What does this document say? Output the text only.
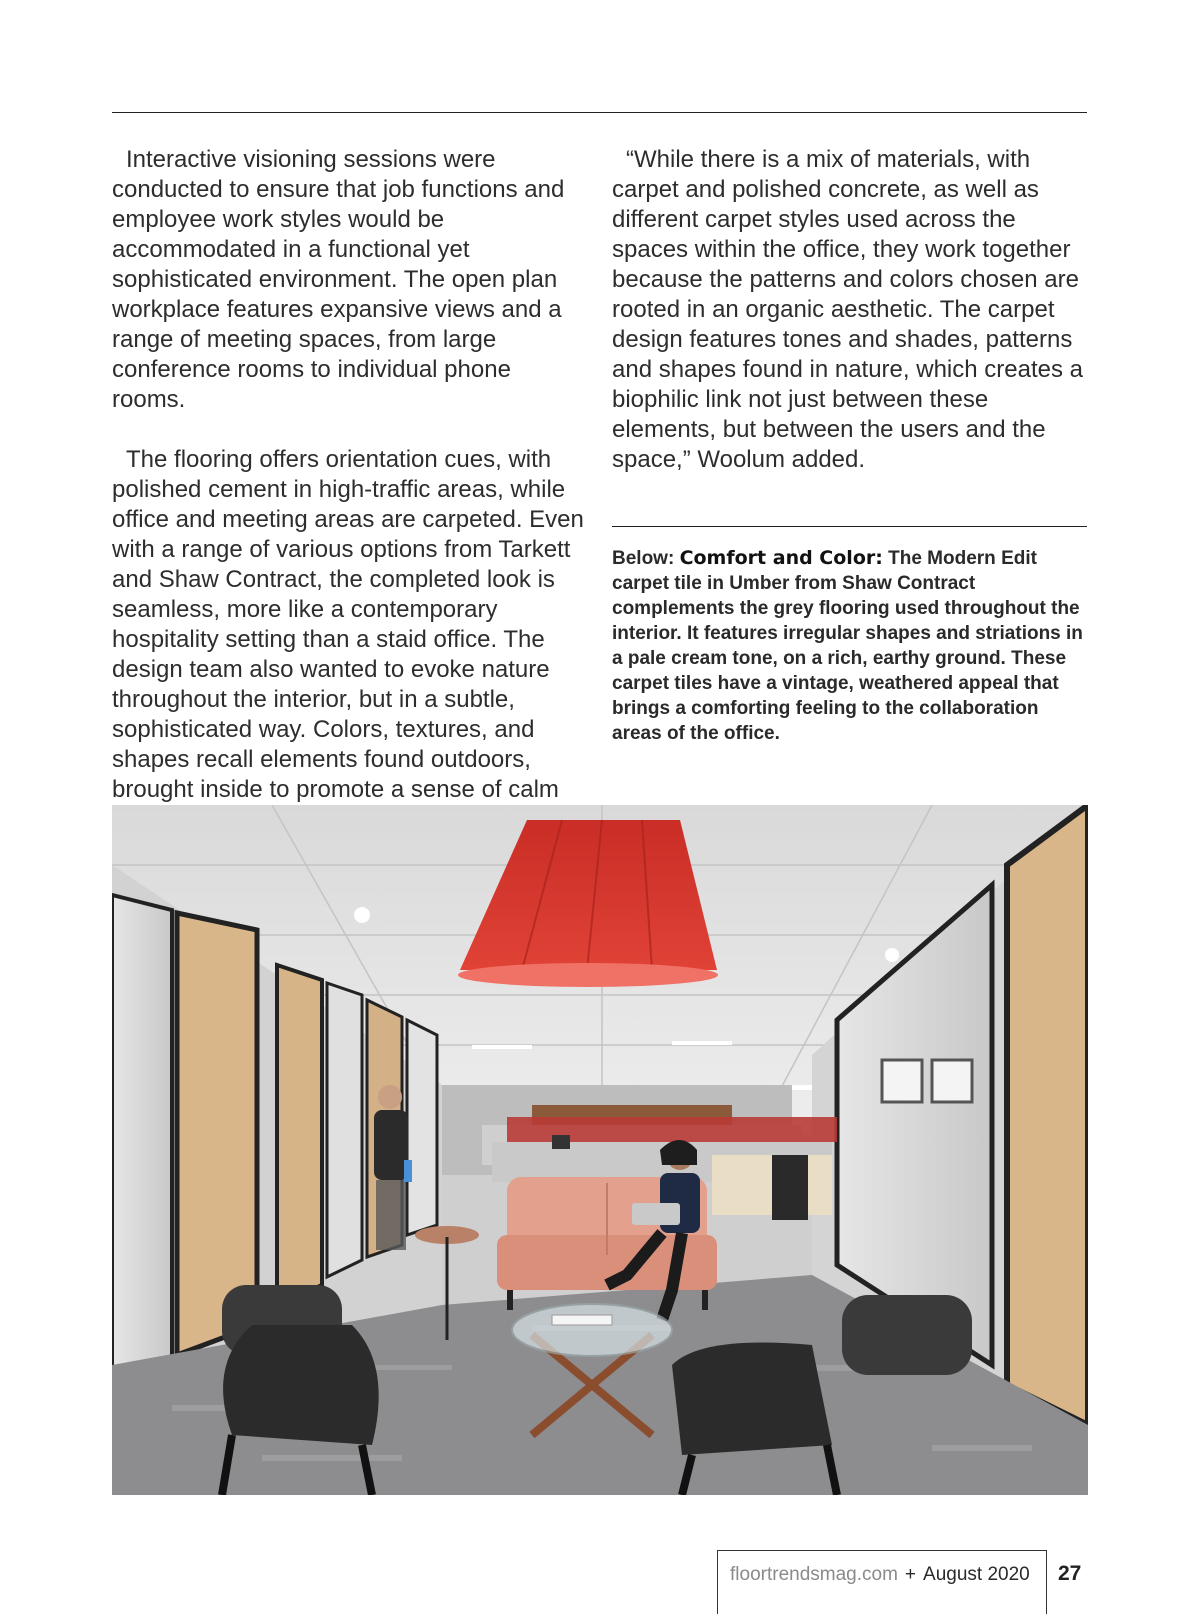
Interactive visioning sessions were conducted to ensure that job functions and employee work styles would be accommodated in a functional yet sophisticated environment. The open plan workplace features expansive views and a range of meeting spaces, from large conference rooms to individual phone rooms.

The flooring offers orientation cues, with polished cement in high-traffic areas, while office and meeting areas are carpeted. Even with a range of various options from Tarkett and Shaw Contract, the completed look is seamless, more like a contemporary hospitality setting than a staid office. The design team also wanted to evoke nature throughout the interior, but in a subtle, sophisticated way. Colors, textures, and shapes recall elements found outdoors, brought inside to promote a sense of calm

“While there is a mix of materials, with carpet and polished concrete, as well as different carpet styles used across the spaces within the office, they work together because the patterns and colors chosen are rooted in an organic aesthetic. The carpet design features tones and shades, patterns and shapes found in nature, which creates a biophilic link not just between these elements, but between the users and the space,” Woolum added.

Below: Comfort and Color: The Modern Edit carpet tile in Umber from Shaw Contract complements the grey flooring used throughout the interior. It features irregular shapes and striations in a pale cream tone, on a rich, earthy ground. These carpet tiles have a vintage, weathered appeal that brings a comforting feeling to the collaboration areas of the office.
floortrendsmag.com + August 2020 27
